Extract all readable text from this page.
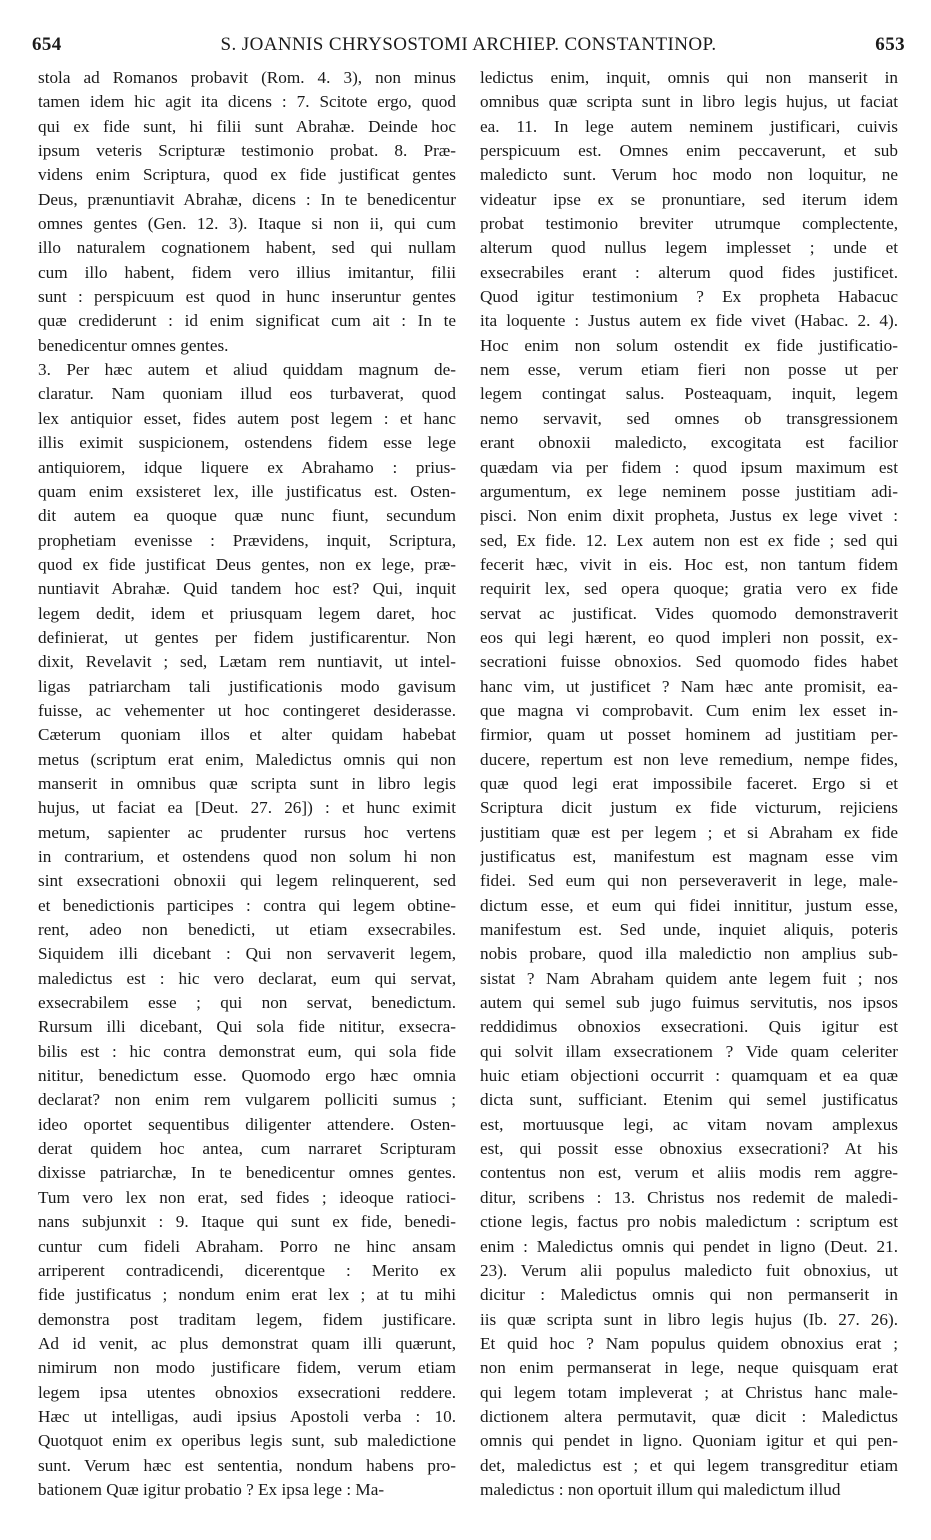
654	S. JOANNIS CHRYSOSTOMI ARCHIEP. CONSTANTINOP.	653
stola ad Romanos probavit (Rom. 4. 3), non minus
tamen idem hic agit ita dicens : 7. Scitote ergo, quod
qui ex fide sunt, hi filii sunt Abrahæ. Deinde hoc
ipsum veteris Scripturæ testimonio probat. 8. Præ-
videns enim Scriptura, quod ex fide justificat gentes
Deus, prænuntiavit Abrahæ, dicens : In te benedicentur
omnes gentes (Gen. 12. 3). Itaque si non ii, qui cum
illo naturalem cognationem habent, sed qui nullam
cum illo habent, fidem vero illius imitantur, filii
sunt : perspicuum est quod in hunc inseruntur gentes
quæ crediderunt : id enim significat cum ait : In te
benedicentur omnes gentes.
3. Per hæc autem et aliud quiddam magnum de-
claratur. Nam quoniam illud eos turbaverat, quod
lex antiquior esset, fides autem post legem : et hanc
illis eximit suspicionem, ostendens fidem esse lege
antiquiorem, idque liquere ex Abrahamo : prius-
quam enim exsisteret lex, ille justificatus est. Osten-
dit autem ea quoque quæ nunc fiunt, secundum
prophetiam evenisse : Prævidens, inquit, Scriptura,
quod ex fide justificat Deus gentes, non ex lege, præ-
nuntiavit Abrahæ. Quid tandem hoc est? Qui, inquit
legem dedit, idem et priusquam legem daret, hoc
definierat, ut gentes per fidem justificarentur. Non
dixit, Revelavit ; sed, Lætam rem nuntiavit, ut intel-
ligas patriarcham tali justificationis modo gavisum
fuisse, ac vehementer ut hoc contingeret desiderasse.
Cæterum quoniam illos et alter quidam habebat
metus (scriptum erat enim, Maledictus omnis qui non
manserit in omnibus quæ scripta sunt in libro legis
hujus, ut faciat ea [Deut. 27. 26]) : et hunc eximit
metum, sapienter ac prudenter rursus hoc vertens
in contrarium, et ostendens quod non solum hi non
sint exsecrationi obnoxii qui legem relinquerent, sed
et benedictionis participes : contra qui legem obtine-
rent, adeo non benedicti, ut etiam exsecrabiles.
Siquidem illi dicebant : Qui non servaverit legem,
maledictus est : hic vero declarat, eum qui servat,
exsecrabilem esse ; qui non servat, benedictum.
Rursum illi dicebant, Qui sola fide nititur, exsecra-
bilis est : hic contra demonstrat eum, qui sola fide
nititur, benedictum esse. Quomodo ergo hæc omnia
declarat? non enim rem vulgarem polliciti sumus ;
ideo oportet sequentibus diligenter attendere. Osten-
derat quidem hoc antea, cum narraret Scripturam
dixisse patriarchæ, In te benedicentur omnes gentes.
Tum vero lex non erat, sed fides ; ideoque ratioci-
nans subjunxit : 9. Itaque qui sunt ex fide, benedi-
cuntur cum fideli Abraham. Porro ne hinc ansam
arriperent contradicendi, dicerentque : Merito ex
fide justificatus ; nondum enim erat lex ; at tu mihi
demonstra post traditam legem, fidem justificare.
Ad id venit, ac plus demonstrat quam illi quærunt,
nimirum non modo justificare fidem, verum etiam
legem ipsa utentes obnoxios exsecrationi reddere.
Hæc ut intelligas, audi ipsius Apostoli verba : 10.
Quotquot enim ex operibus legis sunt, sub maledictione
sunt. Verum hæc est sententia, nondum habens pro-
bationem Quæ igitur probatio ? Ex ipsa lege : Ma-
ledictus enim, inquit, omnis qui non manserit in
omnibus quæ scripta sunt in libro legis hujus, ut faciat
ea. 11. In lege autem neminem justificari, cuivis
perspicuum est. Omnes enim peccaverunt, et sub
maledicto sunt. Verum hoc modo non loquitur, ne
videatur ipse ex se pronuntiare, sed iterum idem
probat testimonio breviter utrumque complectente,
alterum quod nullus legem implesset ; unde et
exsecrabiles erant : alterum quod fides justificet.
Quod igitur testimonium ? Ex propheta Habacuc
ita loquente : Justus autem ex fide vivet (Habac. 2. 4).
Hoc enim non solum ostendit ex fide justificatio-
nem esse, verum etiam fieri non posse ut per
legem contingat salus. Posteaquam, inquit, legem
nemo servavit, sed omnes ob transgressionem
erant obnoxii maledicto, excogitata est facilior
quædam via per fidem : quod ipsum maximum est
argumentum, ex lege neminem posse justitiam adi-
pisci. Non enim dixit propheta, Justus ex lege vivet :
sed, Ex fide. 12. Lex autem non est ex fide ; sed qui
fecerit hæc, vivit in eis. Hoc est, non tantum fidem
requirit lex, sed opera quoque; gratia vero ex fide
servat ac justificat. Vides quomodo demonstraverit
eos qui legi hærent, eo quod impleri non possit, ex-
secrationi fuisse obnoxios. Sed quomodo fides habet
hanc vim, ut justificet ? Nam hæc ante promisit, ea-
que magna vi comprobavit. Cum enim lex esset in-
firmior, quam ut posset hominem ad justitiam per-
ducere, repertum est non leve remedium, nempe fides,
quæ quod legi erat impossibile faceret. Ergo si et
Scriptura dicit justum ex fide victurum, rejiciens
justitiam quæ est per legem ; et si Abraham ex fide
justificatus est, manifestum est magnam esse vim
fidei. Sed eum qui non perseveraverit in lege, male-
dictum esse, et eum qui fidei innititur, justum esse,
manifestum est. Sed unde, inquiet aliquis, poteris
nobis probare, quod illa maledictio non amplius sub-
sistat ? Nam Abraham quidem ante legem fuit ; nos
autem qui semel sub jugo fuimus servitutis, nos ipsos
reddidimus obnoxios exsecrationi. Quis igitur est
qui solvit illam exsecrationem ? Vide quam celeriter
huic etiam objectioni occurrit : quamquam et ea quæ
dicta sunt, sufficiant. Etenim qui semel justificatus
est, mortuusque legi, ac vitam novam amplexus
est, qui possit esse obnoxius exsecrationi? At his
contentus non est, verum et aliis modis rem aggre-
ditur, scribens : 13. Christus nos redemit de maledi-
ctione legis, factus pro nobis maledictum : scriptum est
enim : Maledictus omnis qui pendet in ligno (Deut. 21.
23). Verum alii populus maledicto fuit obnoxius, ut
dicitur : Maledictus omnis qui non permanserit in
iis quæ scripta sunt in libro legis hujus (Ib. 27. 26).
Et quid hoc ? Nam populus quidem obnoxius erat ;
non enim permanserat in lege, neque quisquam erat
qui legem totam impleverat ; at Christus hanc male-
dictionem altera permutavit, quæ dicit : Maledictus
omnis qui pendet in ligno. Quoniam igitur et qui pen-
det, maledictus est ; et qui legem transgreditur etiam
maledictus : non oportuit illum qui maledictum illud
